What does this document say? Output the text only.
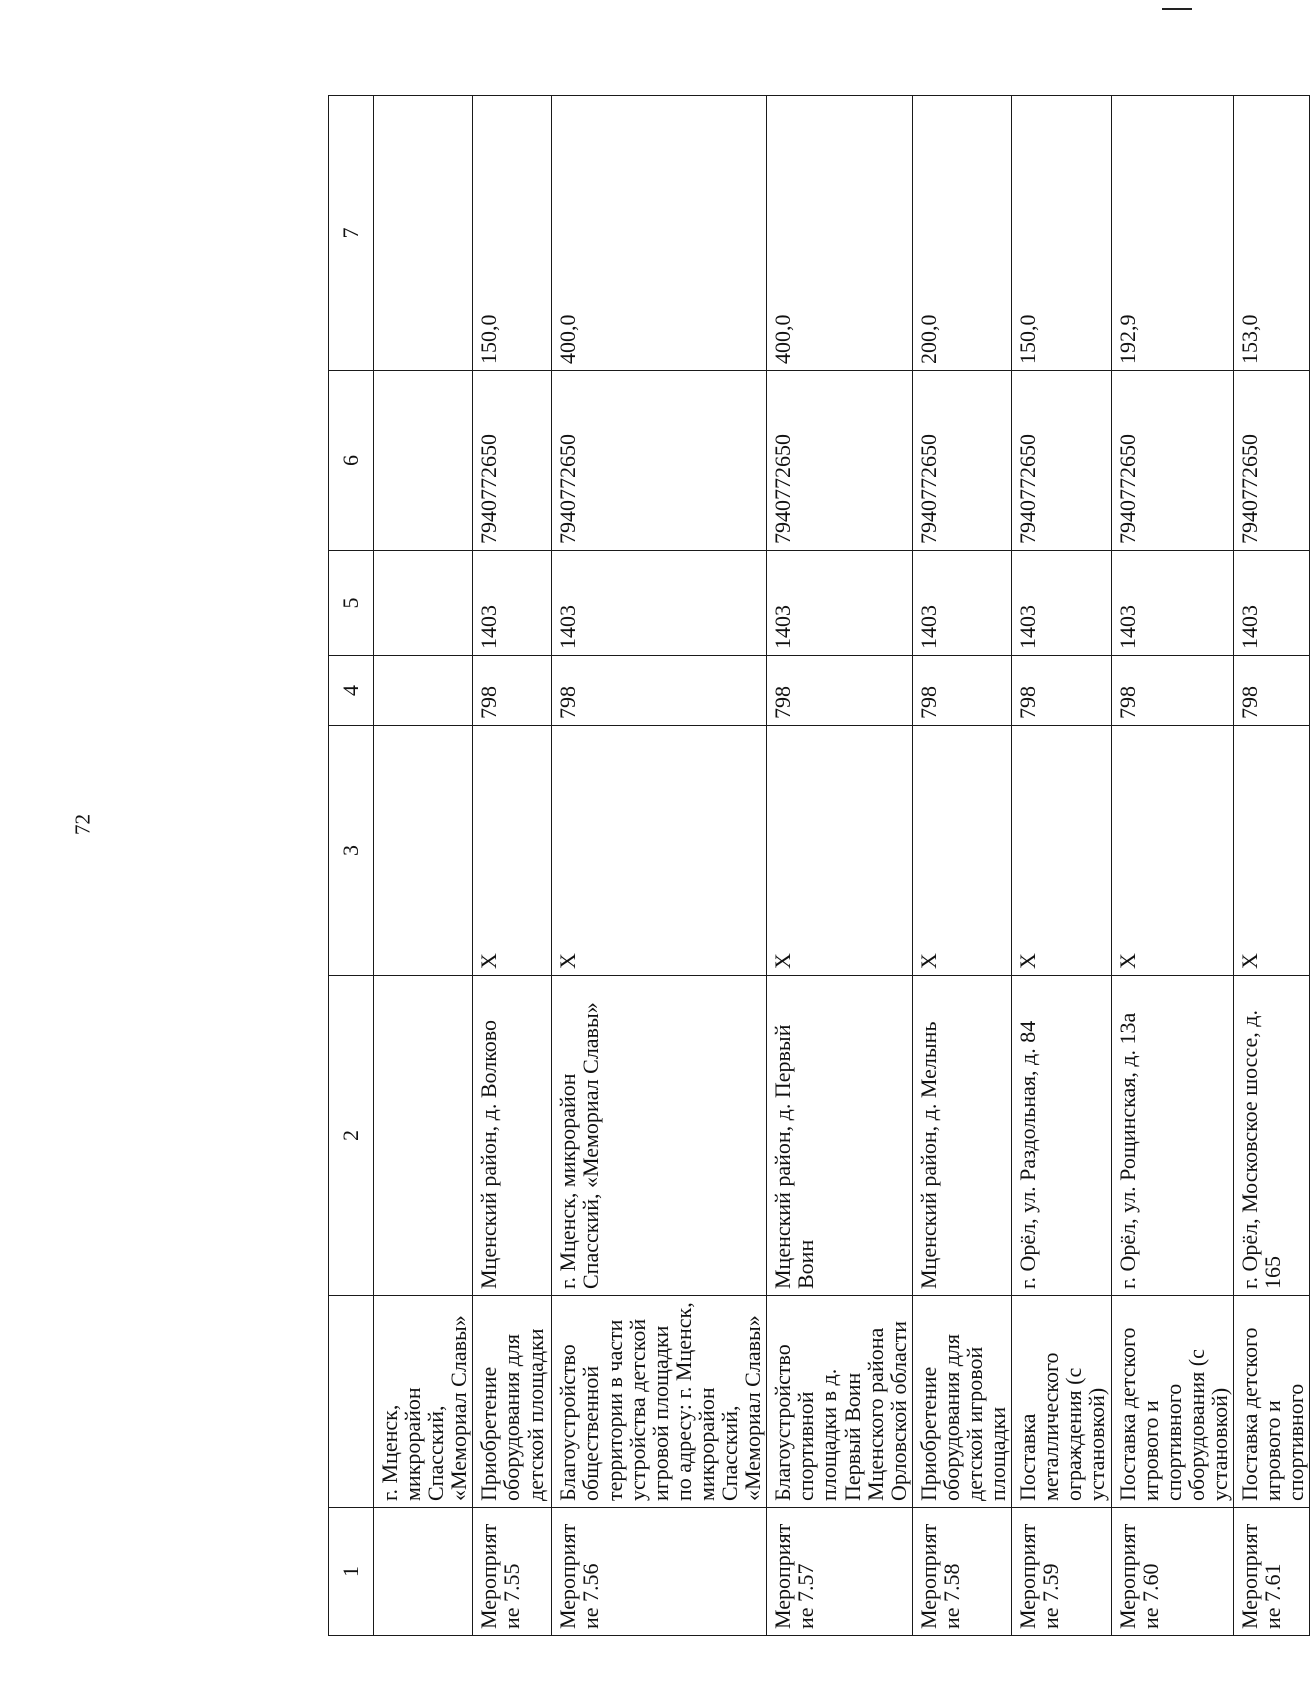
72
1		2	3	4	5	6	7
	г. Мценск, микрорайон Спасский, «Мемориал Славы»						
Мероприятие 7.55	Приобретение оборудования для детской площадки	Мценский район, д. Волково	X	798	1403	7940772650	150,0
Мероприятие 7.56	Благоустройство общественной территории в части устройства детской игровой площадки по адресу: г. Мценск, микрорайон Спасский, «Мемориал Славы»	г. Мценск, микрорайон Спасский, «Мемориал Славы»	X	798	1403	7940772650	400,0
Мероприятие 7.57	Благоустройство спортивной площадки в д. Первый Воин Мценского района Орловской области	Мценский район, д. Первый Воин	X	798	1403	7940772650	400,0
Мероприятие 7.58	Приобретение оборудования для детской игровой площадки	Мценский район, д. Мелынь	X	798	1403	7940772650	200,0
Мероприятие 7.59	Поставка металлического ограждения (с установкой)	г. Орёл, ул. Раздольная, д. 84	X	798	1403	7940772650	150,0
Мероприятие 7.60	Поставка детского игрового и спортивного оборудования (с установкой)	г. Орёл, ул. Рощинская, д. 13а	X	798	1403	7940772650	192,9
Мероприятие 7.61	Поставка детского игрового и спортивного	г. Орёл, Московское шоссе, д. 165	X	798	1403	7940772650	153,0
